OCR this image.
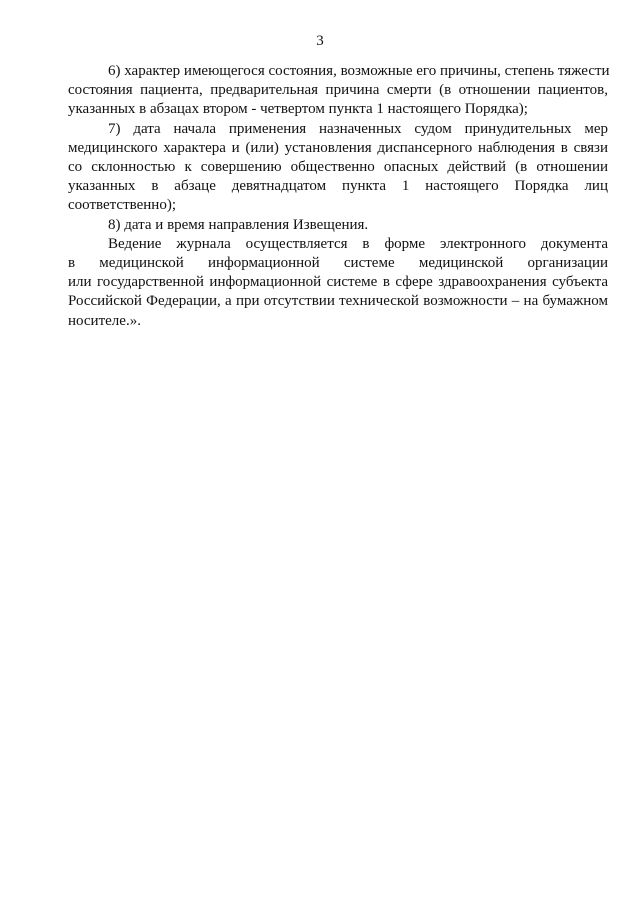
3
6) характер имеющегося состояния, возможные его причины, степень тяжести
состояния пациента, предварительная причина смерти (в отношении пациентов,
указанных в абзацах втором - четвертом пункта 1 настоящего Порядка);
7) дата начала применения назначенных судом принудительных мер
медицинского характера и (или) установления диспансерного наблюдения в связи
со склонностью к совершению общественно опасных действий (в отношении
указанных в абзаце девятнадцатом пункта 1 настоящего Порядка лиц
соответственно);
8) дата и время направления Извещения.
Ведение журнала осуществляется в форме электронного документа
в медицинской информационной системе медицинской организации
или государственной информационной системе в сфере здравоохранения субъекта
Российской Федерации, а при отсутствии технической возможности – на бумажном
носителе.».
